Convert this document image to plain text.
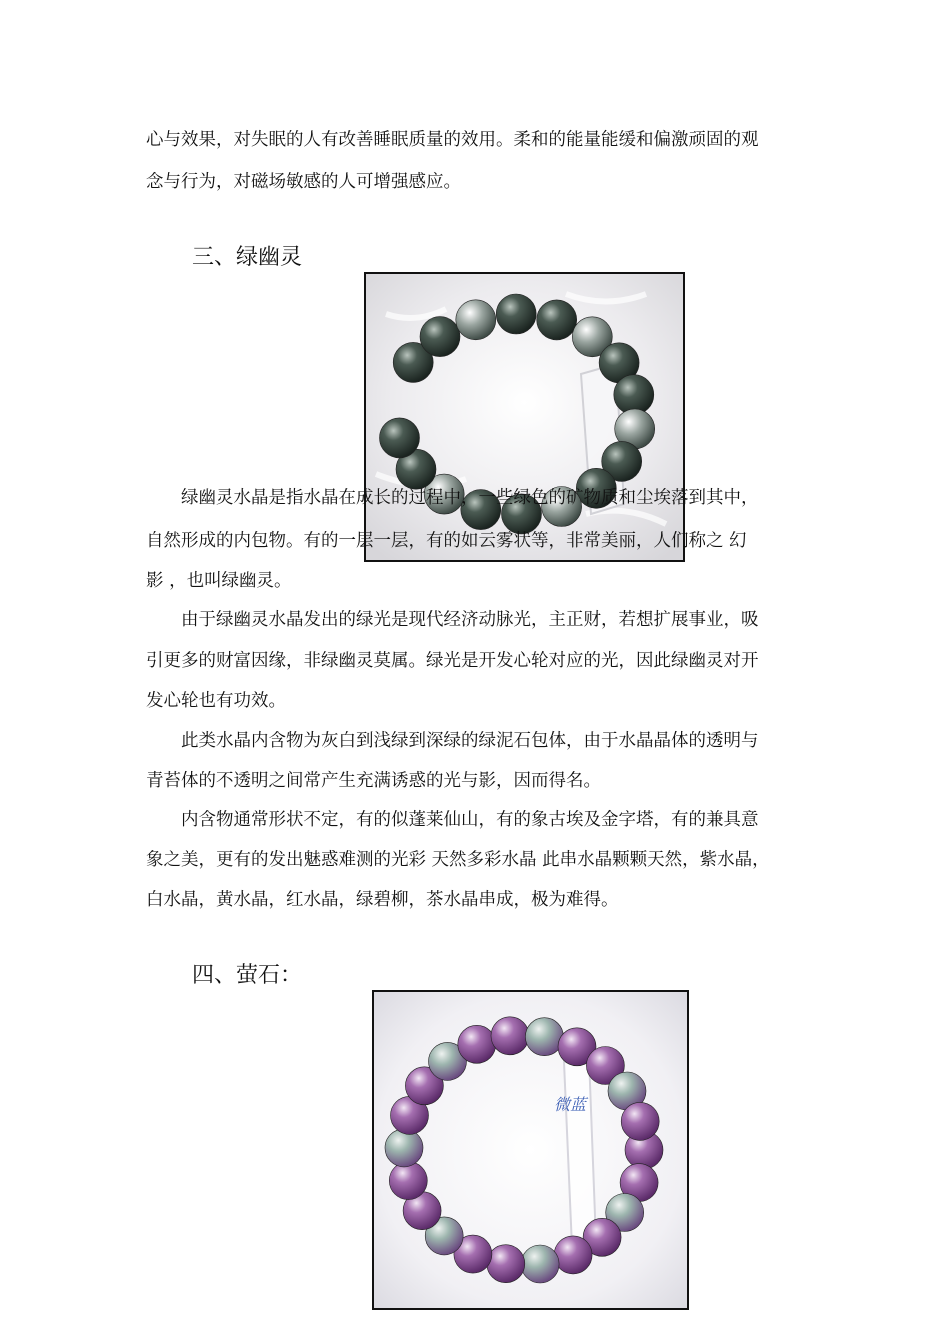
心与效果，对失眠的人有改善睡眠质量的效用。柔和的能量能缓和偏激顽固的观
念与行为，对磁场敏感的人可增强感应。
三、绿幽灵
绿幽灵水晶是指水晶在成长的过程中，一些绿色的矿物质和尘埃落到其中，
自然形成的内包物。有的一层一层，有的如云雾状等，非常美丽，人们称之 幻
影 ，也叫绿幽灵。
由于绿幽灵水晶发出的绿光是现代经济动脉光，主正财，若想扩展事业，吸
引更多的财富因缘，非绿幽灵莫属。绿光是开发心轮对应的光，因此绿幽灵对开
发心轮也有功效。
此类水晶内含物为灰白到浅绿到深绿的绿泥石包体，由于水晶晶体的透明与
青苔体的不透明之间常产生充满诱惑的光与影，因而得名。
内含物通常形状不定，有的似蓬莱仙山，有的象古埃及金字塔，有的兼具意
象之美，更有的发出魅惑难测的光彩 天然多彩水晶 此串水晶颗颗天然，紫水晶，
白水晶，黄水晶，红水晶，绿碧柳，茶水晶串成，极为难得。
四、萤石：
微蓝
